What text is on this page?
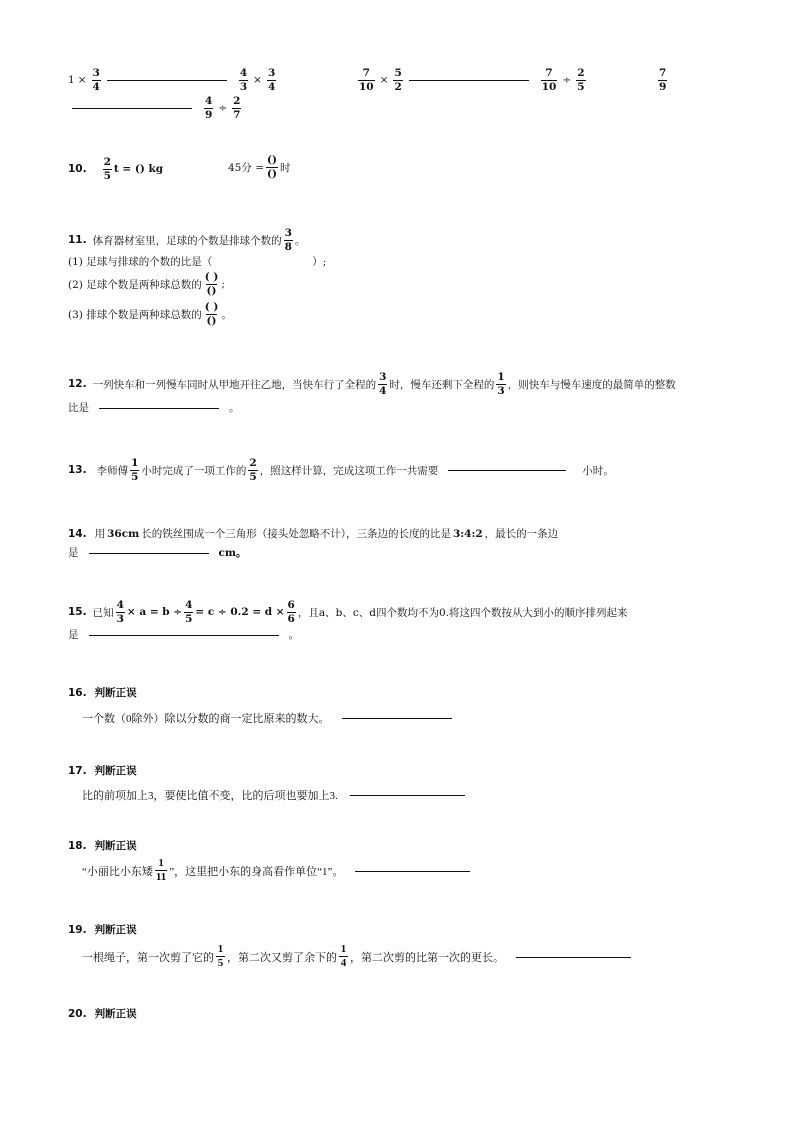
$1 \times \frac{3}{4}$	$\frac{4}{3} \times \frac{3}{4}$	$\frac{7}{10} \times \frac{5}{2}$	$\frac{7}{10} \div \frac{2}{5}$	$\frac{7}{9}$
$\frac{4}{9} \div \frac{2}{7}$
10. $\frac{2}{5}$ t = () kg	45分 = $\frac{()}{()}$ 时
11. 体育器材室里，足球的个数是排球个数的 $\frac{3}{8}$ 。
(1) 足球与排球的个数的比是（	）;
(2) 足球个数是两种球总数的 $\frac{( )}{()}$ ;
(3) 排球个数是两种球总数的 $\frac{( )}{()}$ 。
12. 一列快车和一列慢车同时从甲地开往乙地，当快车行了全程的 $\frac{3}{4}$ 时，慢车还剩下全程的 $\frac{1}{3}$ ，则快车与慢车速度的最简单的整数
比是	。
13. 李师傅 $\frac{1}{5}$ 小时完成了一项工作的 $\frac{2}{5}$ ，照这样计算，完成这项工作一共需要	小时。
14. 用 36cm 长的铁丝围成一个三角形（接头处忽略不计），三条边的长度的比是 3:4:2 ，最长的一条边
是	cm。
15. 已知 $\frac{4}{3} \times a = b \div \frac{4}{5} = c \div 0.2 = d \times \frac{6}{6}$ ，且a、b、c、d四个数均不为0.将这四个数按从大到小的顺序排列起来
是	。
16. 判断正误
一个数（0除外）除以分数的商一定比原来的数大。
17. 判断正误
比的前项加上3，要使比值不变，比的后项也要加上3.
18. 判断正误
“小丽比小东矮 $\frac{1}{11}$ ”，这里把小东的身高看作单位“1”。
19. 判断正误
一根绳子，第一次剪了它的 $\frac{1}{5}$ ，第二次又剪了余下的 $\frac{1}{4}$ ，第二次剪的比第一次的更长。
20. 判断正误
